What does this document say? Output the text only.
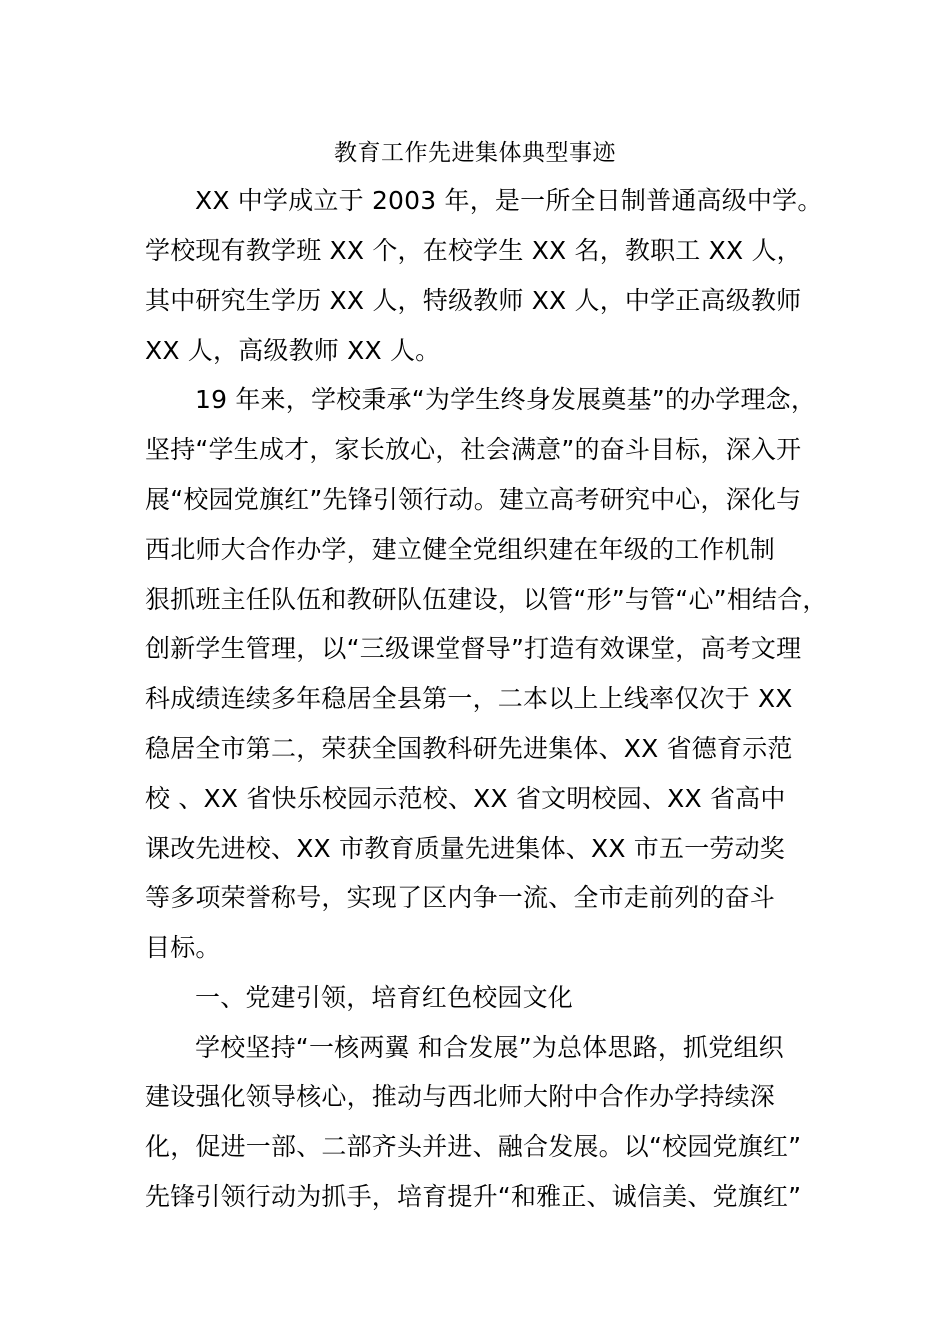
教育工作先进集体典型事迹
XX 中学成立于 2003 年，是一所全日制普通高级中学。
学校现有教学班 XX 个，在校学生 XX 名，教职工 XX 人，
其中研究生学历 XX 人，特级教师 XX 人，中学正高级教师
XX 人，高级教师 XX 人。
19 年来，学校秉承“为学生终身发展奠基”的办学理念，
坚持“学生成才，家长放心，社会满意”的奋斗目标，深入开
展“校园党旗红”先锋引领行动。建立高考研究中心，深化与
西北师大合作办学，建立健全党组织建在年级的工作机制
狠抓班主任队伍和教研队伍建设，以管“形”与管“心”相结合，
创新学生管理，以“三级课堂督导”打造有效课堂，高考文理
科成绩连续多年稳居全县第一，二本以上上线率仅次于 XX
稳居全市第二，荣获全国教科研先进集体、XX 省德育示范
校 、XX 省快乐校园示范校、XX 省文明校园、XX 省高中
课改先进校、XX 市教育质量先进集体、XX 市五一劳动奖
等多项荣誉称号，实现了区内争一流、全市走前列的奋斗
目标。
一、党建引领，培育红色校园文化
学校坚持“一核两翼 和合发展”为总体思路，抓党组织
建设强化领导核心，推动与西北师大附中合作办学持续深
化，促进一部、二部齐头并进、融合发展。以“校园党旗红”
先锋引领行动为抓手，培育提升“和雅正、诚信美、党旗红”
